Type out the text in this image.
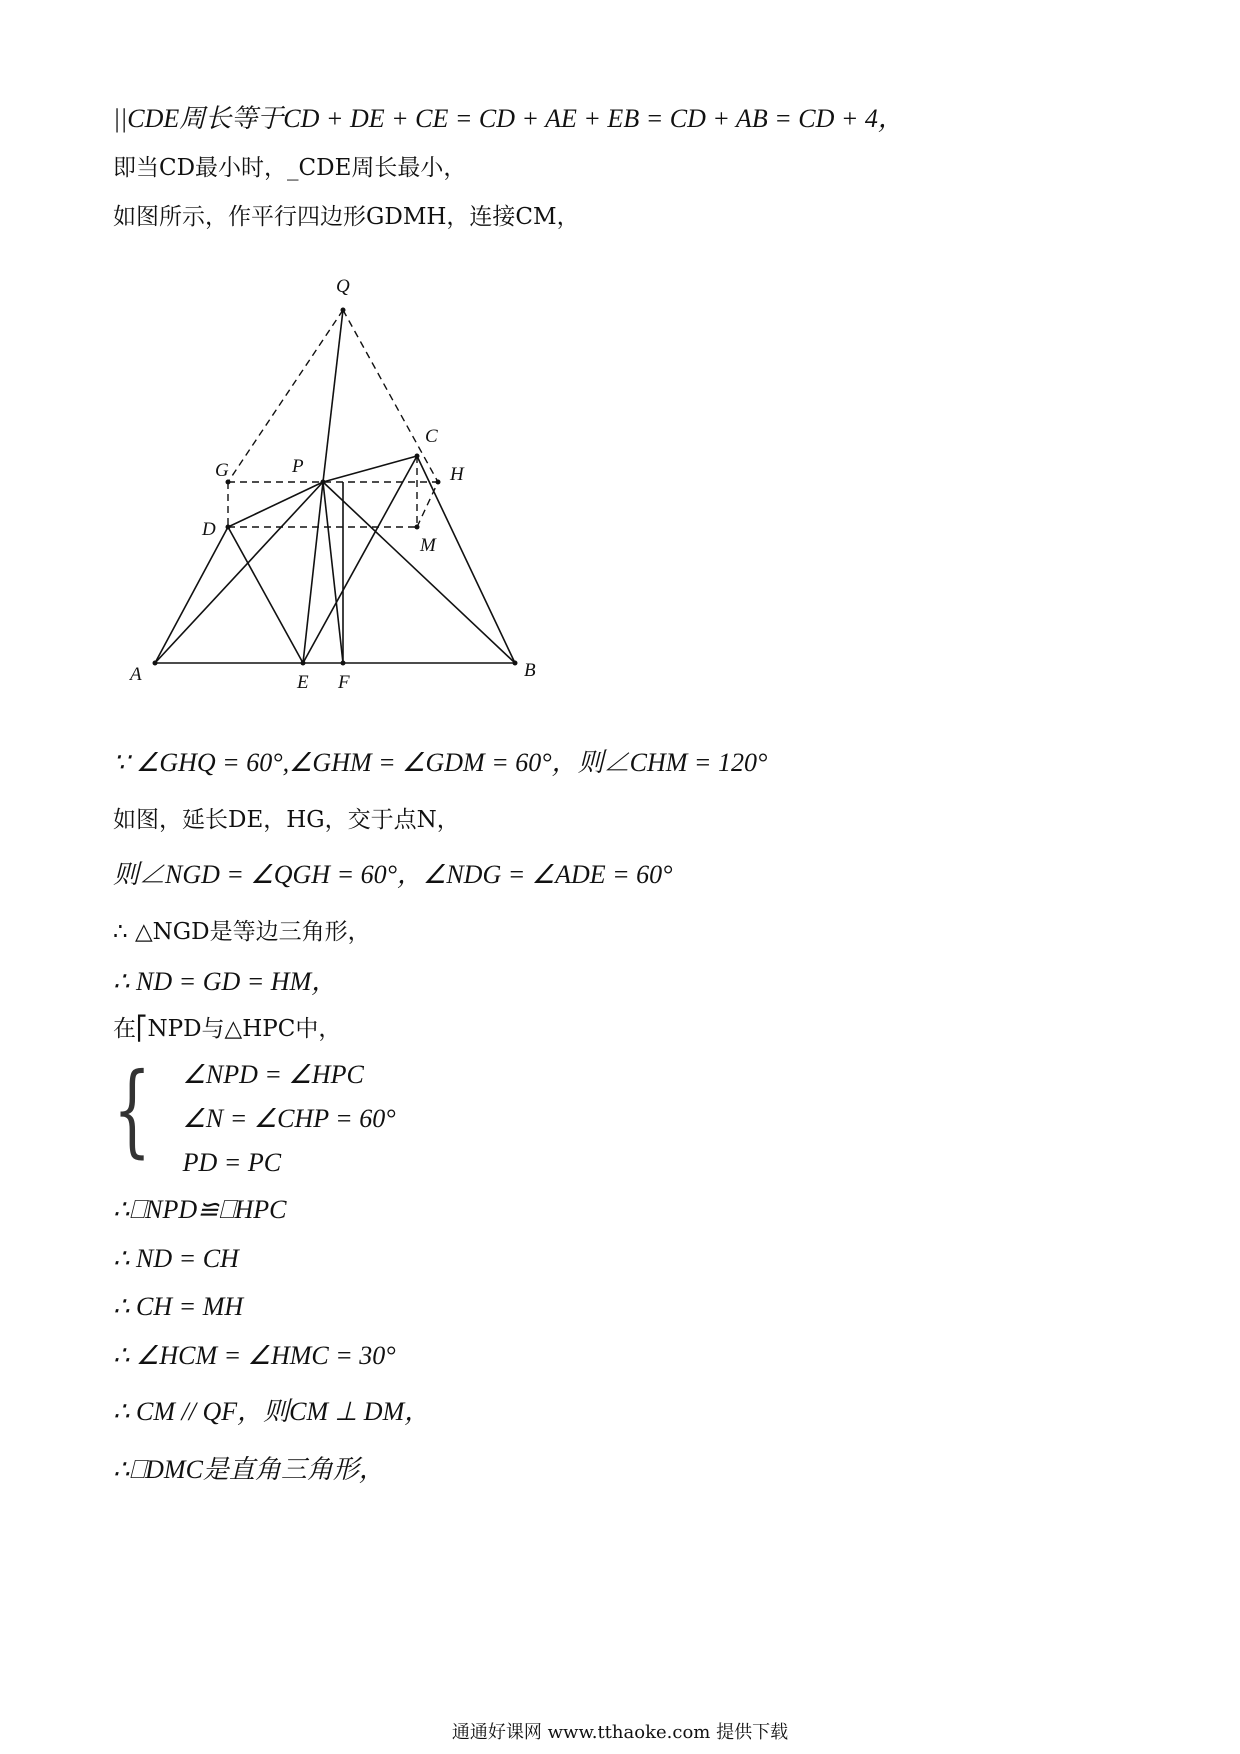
||CDE周长等于CD + DE + CE = CD + AE + EB = CD + AB = CD + 4，
即当CD最小时，_CDE周长最小，
如图所示，作平行四边形GDMH，连接CM，
Q
C
G	P	H
D
M
A	E F
B
∵ ∠GHQ = 60°,∠GHM = ∠GDM = 60°，则∠CHM = 120°
如图，延长DE，HG，交于点N，
则∠NGD = ∠QGH = 60°，∠NDG = ∠ADE = 60°
∴ △NGD是等边三角形，
∴ ND = GD = HM，
在⎡NPD与△HPC中，
{ ∠NPD = ∠HPC
∠N = ∠CHP = 60°
PD = PC
∴⎕NPD≌⎕HPC
∴ ND = CH
∴ CH = MH
∴ ∠HCM = ∠HMC = 30°
∴ CM // QF，则CM ⊥ DM，
∴⎕DMC是直角三角形，
通通好课网 www.tthaoke.com 提供下载
